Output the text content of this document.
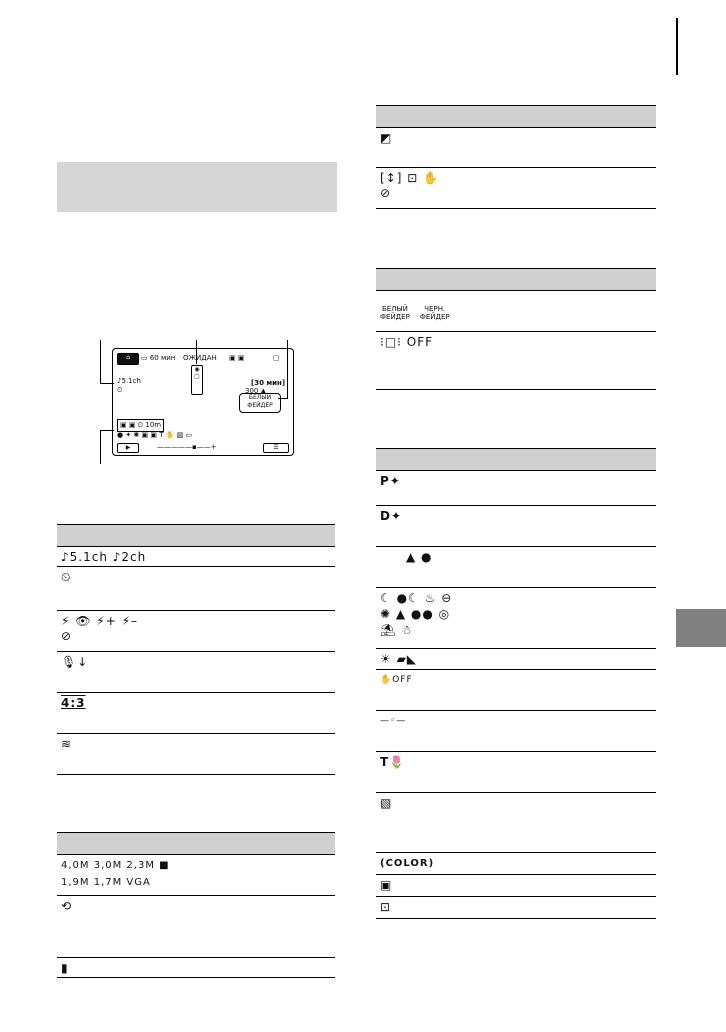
⌂	▭ 60 мин ОЖИДАН ▣ ▣	▢
♪5.1ch
⏲
◉
▢
[30 мин]
300 ▲
БЕЛЫЙ
ФЕЙДЕР
▣ ▣ ⏲ 10m
● ✦ ✺ ▣ ▣ T ✋ ▧ ▭
▶	—————▪——+	☰

♪5.1ch ♪2ch

⏲

⚡ 👁 ⚡+ ⚡–
⊘

🎙↓

4:3

≋

4,0M 3,0M 2,3M ■
1,9M 1,7M VGA

⟲

▮

◩

[↕] ⊡ ✋
⊘

БЕЛЫЙ
ФЕЙДЕР
ЧЕРН.
ФЕЙДЕР

⁝□⁝ OFF

P✦

D✦

▲ ●

☾ ●☾ ♨ ⊖
✺ ▲ ●● ◎
⛱ ☃

☀ ▰◣

✋OFF

—◦—

T🌷

▧

(COLOR)

▣

⊡
